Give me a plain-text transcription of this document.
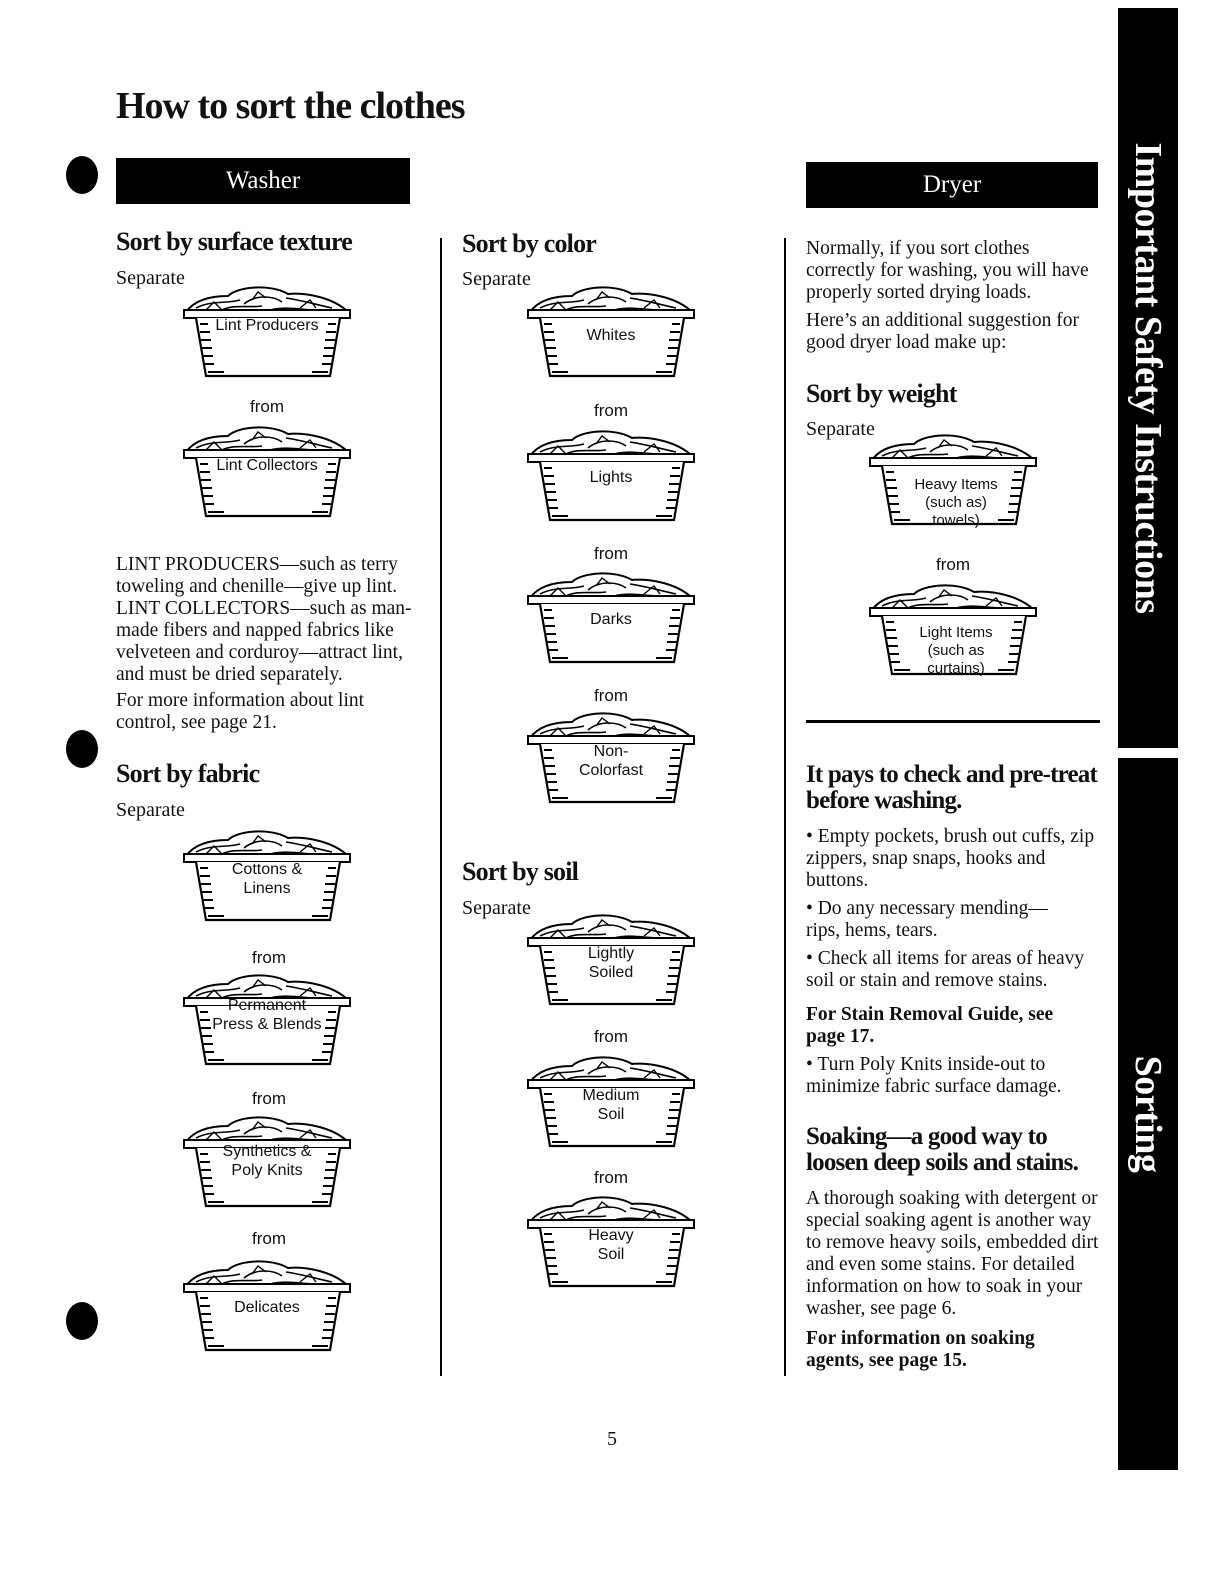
How to sort the clothes
Washer	Dryer	Important Safety Instructions
Sorting
Sort by surface texture
Separate
Lint Producers
from
Lint Collectors

LINT PRODUCERS—such as terry toweling and chenille—give up lint. LINT COLLECTORS—such as man-made fibers and napped fabrics like velveteen and corduroy—attract lint, and must be dried separately.

For more information about lint control, see page 21.

Sort by fabric
Separate
Cottons & Linens
from
Permanent Press & Blends
from
Synthetics & Poly Knits
from
Delicates
Sort by color
Separate
Whites
from
Lights
from
Darks
from
Non- Colorfast
Sort by soil
Separate
Lightly Soiled
from
Medium Soil
from
Heavy Soil

Normally, if you sort clothes correctly for washing, you will have properly sorted drying loads.

Here’s an additional suggestion for good dryer load make up:

Sort by weight
Separate
Heavy Items (such as) towels)
from
Light Items (such as curtains)
It pays to check and pre-treat before washing.

• Empty pockets, brush out cuffs, zip zippers, snap snaps, hooks and buttons.

• Do any necessary mending— rips, hems, tears.

• Check all items for areas of heavy soil or stain and remove stains.

For Stain Removal Guide, see page 17.

• Turn Poly Knits inside-out to minimize fabric surface damage.

Soaking—a good way to loosen deep soils and stains.

A thorough soaking with detergent or special soaking agent is another way to remove heavy soils, embedded dirt and even some stains. For detailed information on how to soak in your washer, see page 6.

For information on soaking agents, see page 15.

5
